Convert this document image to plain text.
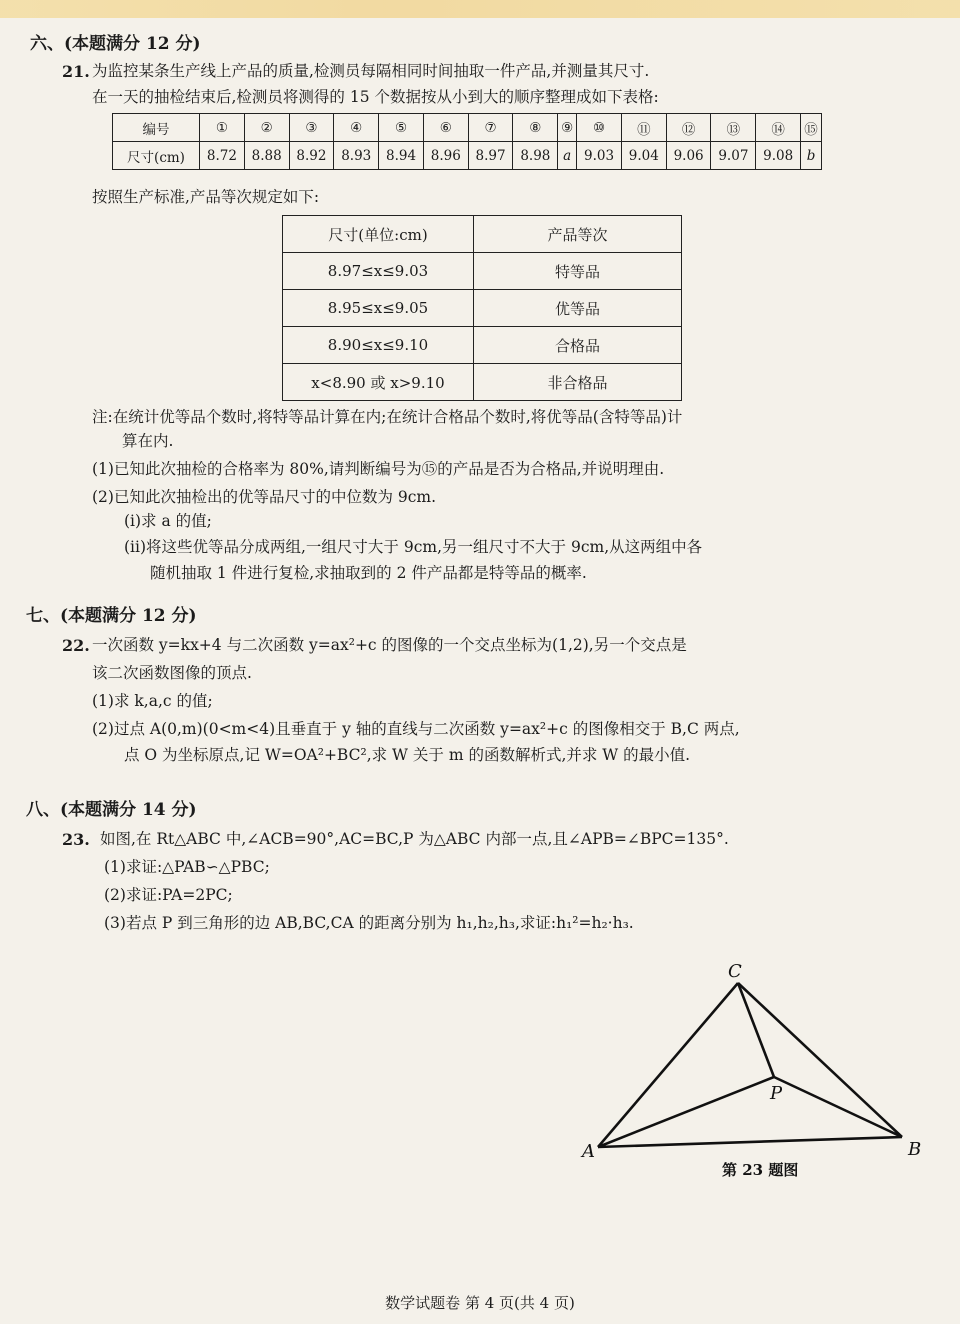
六、(本题满分 12 分)
21. 为监控某条生产线上产品的质量,检测员每隔相同时间抽取一件产品,并测量其尺寸.
在一天的抽检结束后,检测员将测得的 15 个数据按从小到大的顺序整理成如下表格:
编号	①	②	③	④	⑤	⑥	⑦	⑧	⑨	⑩	⑪	⑫	⑬	⑭	⑮
尺寸(cm)	8.72	8.88	8.92	8.93	8.94	8.96	8.97	8.98	a	9.03	9.04	9.06	9.07	9.08	b
按照生产标准,产品等次规定如下:
尺寸(单位:cm)	产品等次
8.97≤x≤9.03	特等品
8.95≤x≤9.05	优等品
8.90≤x≤9.10	合格品
x<8.90 或 x>9.10	非合格品
注:在统计优等品个数时,将特等品计算在内;在统计合格品个数时,将优等品(含特等品)计
算在内.
(1)已知此次抽检的合格率为 80%,请判断编号为⑮的产品是否为合格品,并说明理由.
(2)已知此次抽检出的优等品尺寸的中位数为 9cm.
(i)求 a 的值;
(ii)将这些优等品分成两组,一组尺寸大于 9cm,另一组尺寸不大于 9cm,从这两组中各
随机抽取 1 件进行复检,求抽取到的 2 件产品都是特等品的概率.
七、(本题满分 12 分)
22. 一次函数 y=kx+4 与二次函数 y=ax²+c 的图像的一个交点坐标为(1,2),另一个交点是
该二次函数图像的顶点.
(1)求 k,a,c 的值;
(2)过点 A(0,m)(0<m<4)且垂直于 y 轴的直线与二次函数 y=ax²+c 的图像相交于 B,C 两点,
点 O 为坐标原点,记 W=OA²+BC²,求 W 关于 m 的函数解析式,并求 W 的最小值.
八、(本题满分 14 分)
23. 如图,在 Rt△ABC 中,∠ACB=90°,AC=BC,P 为△ABC 内部一点,且∠APB=∠BPC=135°.
(1)求证:△PAB∽△PBC;
(2)求证:PA=2PC;
(3)若点 P 到三角形的边 AB,BC,CA 的距离分别为 h₁,h₂,h₃,求证:h₁²=h₂·h₃.
C
P
A	B
第 23 题图
数学试题卷 第 4 页(共 4 页)
